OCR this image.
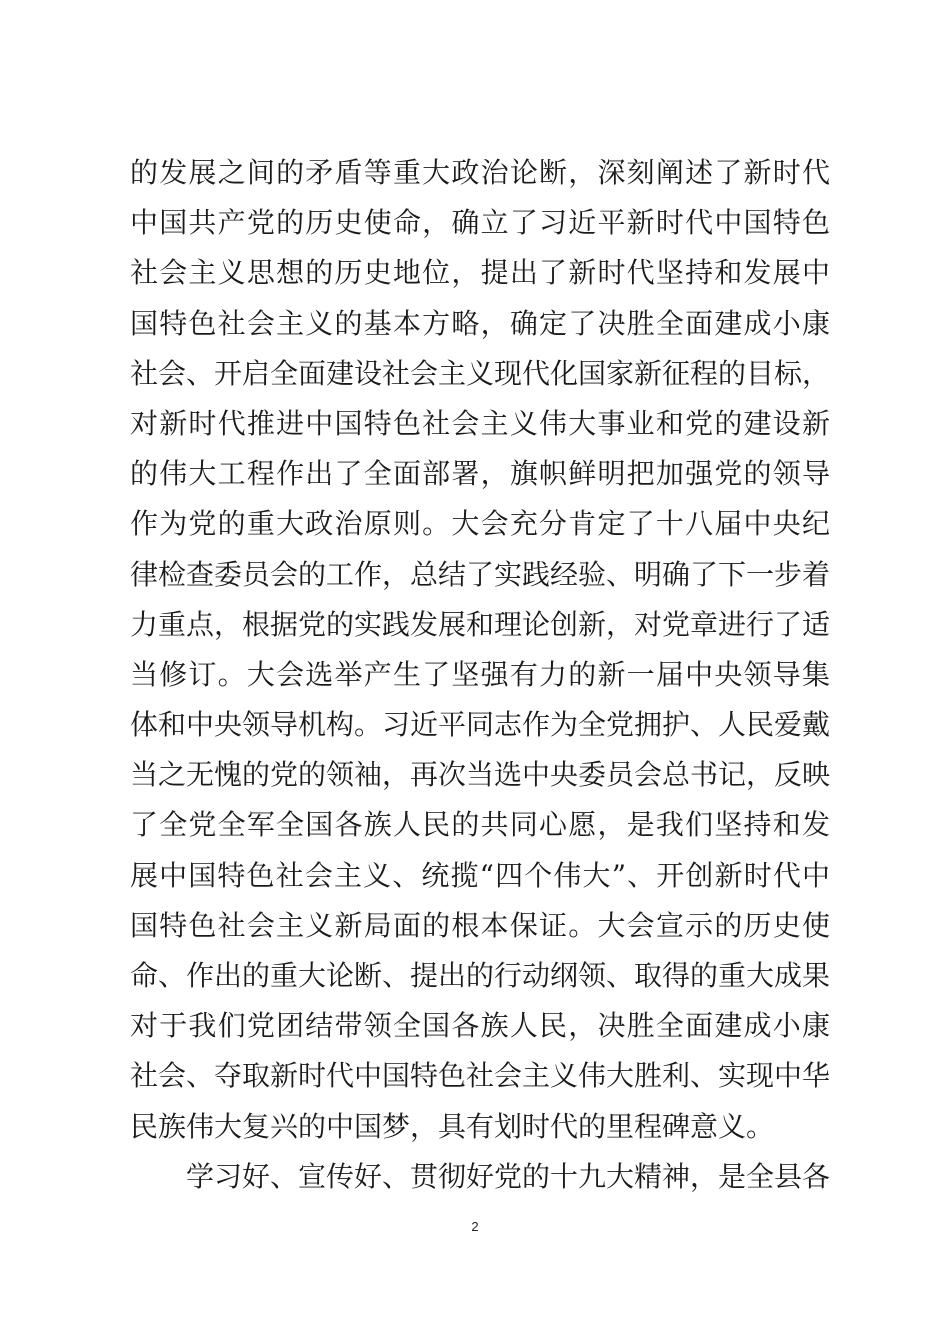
的发展之间的矛盾等重大政治论断，深刻阐述了新时代
中国共产党的历史使命，确立了习近平新时代中国特色
社会主义思想的历史地位，提出了新时代坚持和发展中
国特色社会主义的基本方略，确定了决胜全面建成小康
社会、开启全面建设社会主义现代化国家新征程的目标，
对新时代推进中国特色社会主义伟大事业和党的建设新
的伟大工程作出了全面部署，旗帜鲜明把加强党的领导
作为党的重大政治原则。大会充分肯定了十八届中央纪
律检查委员会的工作，总结了实践经验、明确了下一步着
力重点，根据党的实践发展和理论创新，对党章进行了适
当修订。大会选举产生了坚强有力的新一届中央领导集
体和中央领导机构。习近平同志作为全党拥护、人民爱戴
当之无愧的党的领袖，再次当选中央委员会总书记，反映
了全党全军全国各族人民的共同心愿，是我们坚持和发
展中国特色社会主义、统揽“四个伟大”、开创新时代中
国特色社会主义新局面的根本保证。大会宣示的历史使
命、作出的重大论断、提出的行动纲领、取得的重大成果
对于我们党团结带领全国各族人民，决胜全面建成小康
社会、夺取新时代中国特色社会主义伟大胜利、实现中华
民族伟大复兴的中国梦，具有划时代的里程碑意义。
学习好、宣传好、贯彻好党的十九大精神，是全县各
2
